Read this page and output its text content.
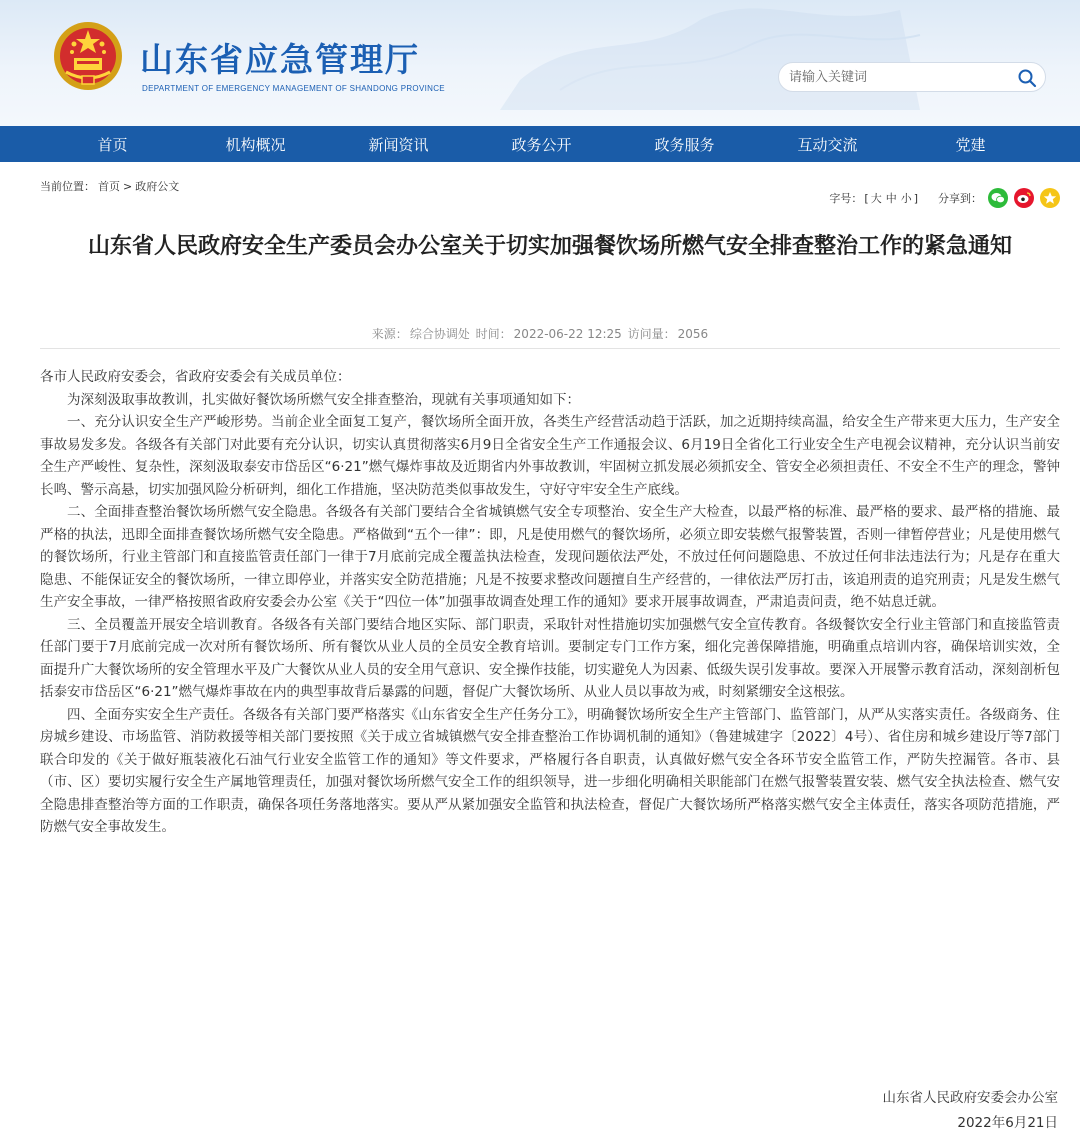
山东省应急管理厅
DEPARTMENT OF EMERGENCY MANAGEMENT OF SHANDONG PROVINCE
请输入关键词
首页	机构概况	新闻资讯	政务公开	政务服务	互动交流	党建
当前位置： 首页 > 政府公文
字号： [ 大 中 小 ] 分享到：
山东省人民政府安全生产委员会办公室关于切实加强餐饮场所燃气安全排查整治工作的紧急通知
来源： 综合协调处 时间： 2022-06-22 12:25 访问量： 2056

各市人民政府安委会，省政府安委会有关成员单位：

为深刻汲取事故教训，扎实做好餐饮场所燃气安全排查整治，现就有关事项通知如下：

一、充分认识安全生产严峻形势。当前企业全面复工复产，餐饮场所全面开放，各类生产经营活动趋于活跃，加之近期持续高温，给安全生产带来更大压力，生产安全事故易发多发。各级各有关部门对此要有充分认识，切实认真贯彻落实6月9日全省安全生产工作通报会议、6月19日全省化工行业安全生产电视会议精神，充分认识当前安全生产严峻性、复杂性，深刻汲取泰安市岱岳区“6·21”燃气爆炸事故及近期省内外事故教训，牢固树立抓发展必须抓安全、管安全必须担责任、不安全不生产的理念，警钟长鸣、警示高悬，切实加强风险分析研判，细化工作措施，坚决防范类似事故发生，守好守牢安全生产底线。

二、全面排查整治餐饮场所燃气安全隐患。各级各有关部门要结合全省城镇燃气安全专项整治、安全生产大检查，以最严格的标准、最严格的要求、最严格的措施、最严格的执法，迅即全面排查餐饮场所燃气安全隐患。严格做到“五个一律”：即，凡是使用燃气的餐饮场所，必须立即安装燃气报警装置，否则一律暂停营业；凡是使用燃气的餐饮场所，行业主管部门和直接监管责任部门一律于7月底前完成全覆盖执法检查，发现问题依法严处，不放过任何问题隐患、不放过任何非法违法行为；凡是存在重大隐患、不能保证安全的餐饮场所，一律立即停业，并落实安全防范措施；凡是不按要求整改问题擅自生产经营的，一律依法严厉打击，该追刑责的追究刑责；凡是发生燃气生产安全事故，一律严格按照省政府安委会办公室《关于“四位一体”加强事故调查处理工作的通知》要求开展事故调查，严肃追责问责，绝不姑息迁就。

三、全员覆盖开展安全培训教育。各级各有关部门要结合地区实际、部门职责，采取针对性措施切实加强燃气安全宣传教育。各级餐饮安全行业主管部门和直接监管责任部门要于7月底前完成一次对所有餐饮场所、所有餐饮从业人员的全员安全教育培训。要制定专门工作方案，细化完善保障措施，明确重点培训内容，确保培训实效，全面提升广大餐饮场所的安全管理水平及广大餐饮从业人员的安全用气意识、安全操作技能，切实避免人为因素、低级失误引发事故。要深入开展警示教育活动，深刻剖析包括泰安市岱岳区“6·21”燃气爆炸事故在内的典型事故背后暴露的问题，督促广大餐饮场所、从业人员以事故为戒，时刻紧绷安全这根弦。

四、全面夯实安全生产责任。各级各有关部门要严格落实《山东省安全生产任务分工》，明确餐饮场所安全生产主管部门、监管部门，从严从实落实责任。各级商务、住房城乡建设、市场监管、消防救援等相关部门要按照《关于成立省城镇燃气安全排查整治工作协调机制的通知》（鲁建城建字〔2022〕4号）、省住房和城乡建设厅等7部门联合印发的《关于做好瓶装液化石油气行业安全监管工作的通知》等文件要求，严格履行各自职责，认真做好燃气安全各环节安全监管工作，严防失控漏管。各市、县（市、区）要切实履行安全生产属地管理责任，加强对餐饮场所燃气安全工作的组织领导，进一步细化明确相关职能部门在燃气报警装置安装、燃气安全执法检查、燃气安全隐患排查整治等方面的工作职责，确保各项任务落地落实。要从严从紧加强安全监管和执法检查，督促广大餐饮场所严格落实燃气安全主体责任，落实各项防范措施，严防燃气安全事故发生。

山东省人民政府安委会办公室
2022年6月21日
